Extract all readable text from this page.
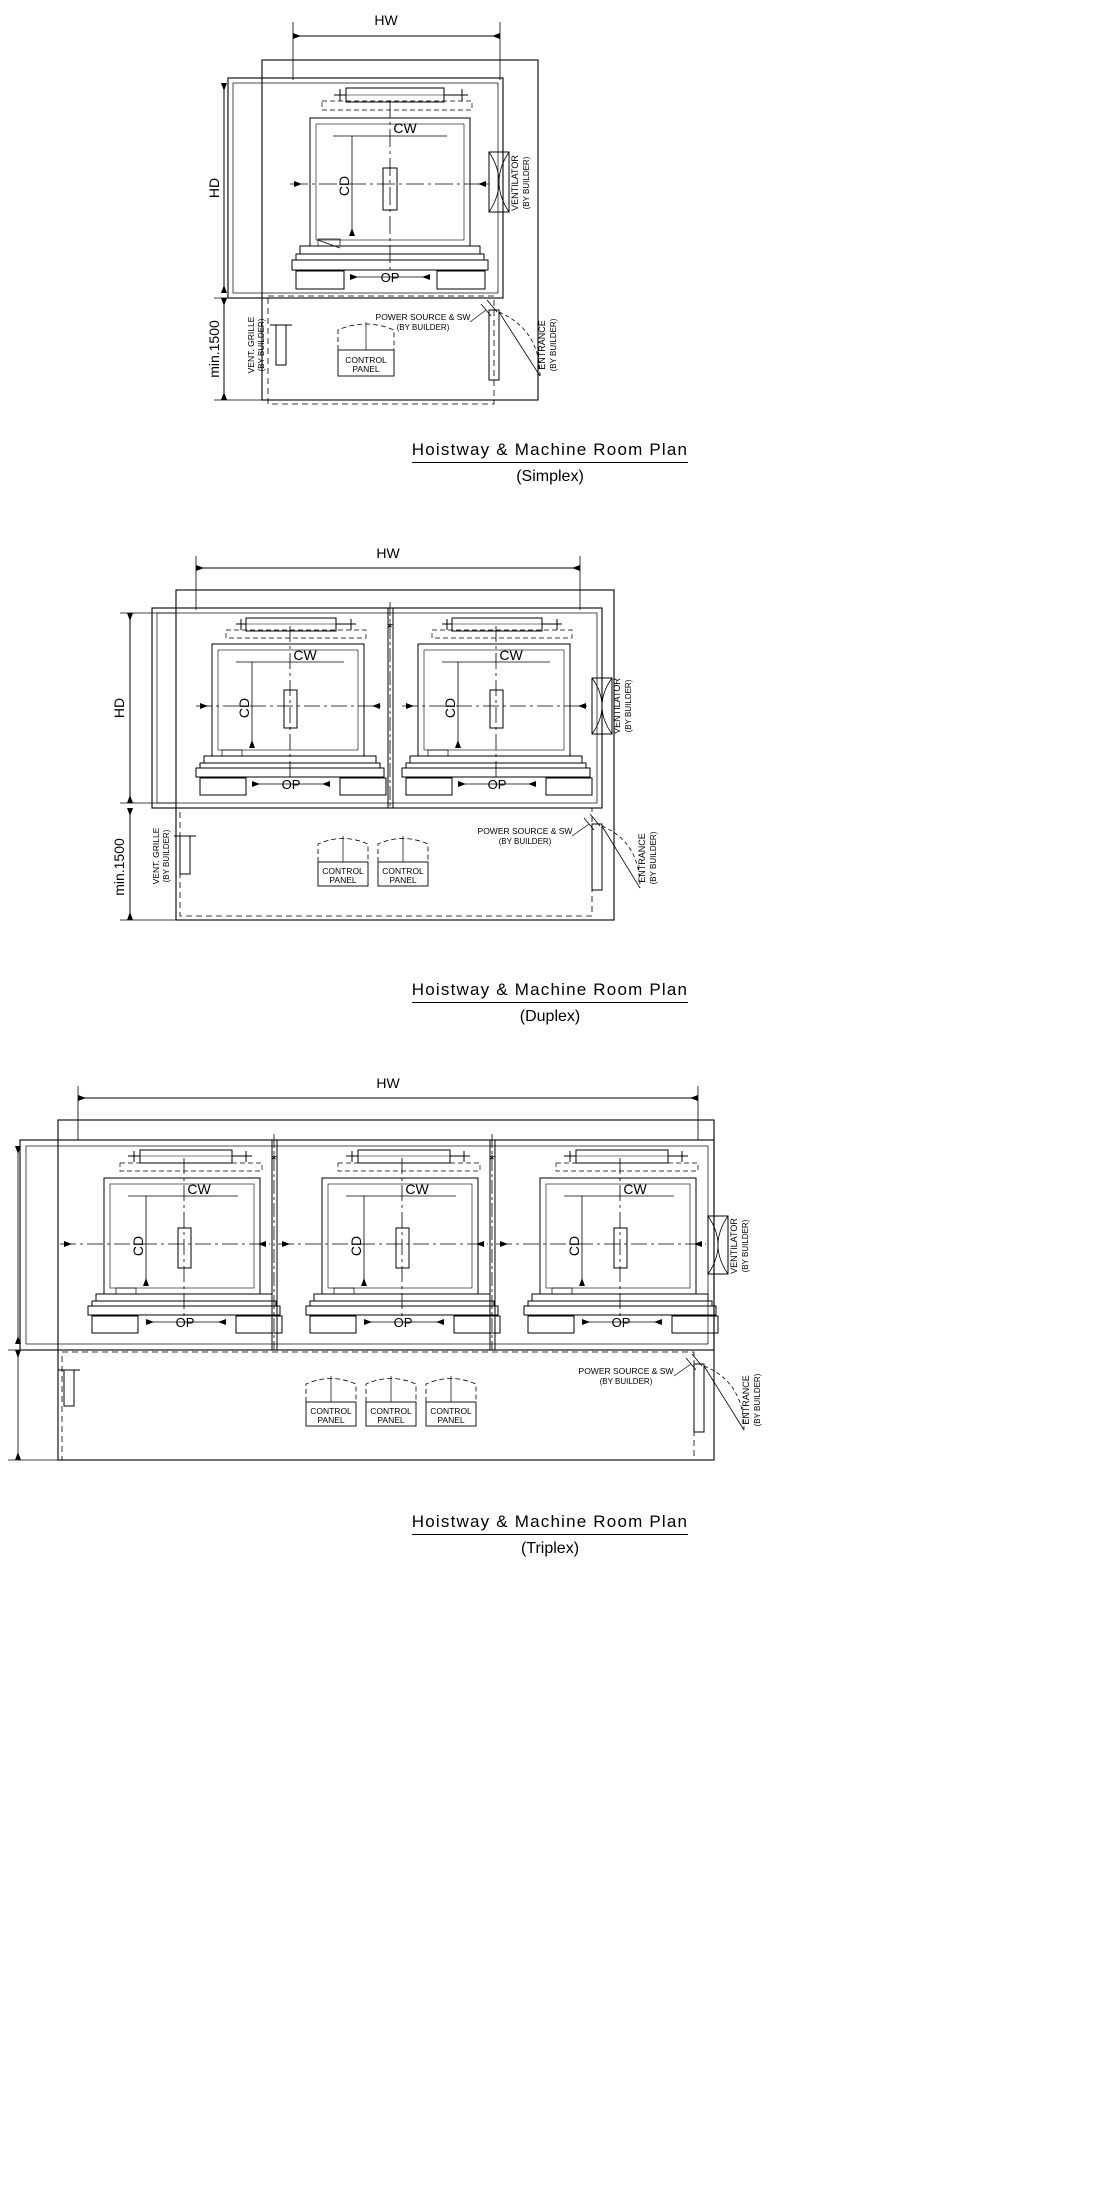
HW
HD
min.1500
CW
CD
OP
VENTILATOR (BY BUILDER)
VENT. GRILLE (BY BUILDER)
POWER SOURCE & SW
(BY BUILDER)
CONTROL
PANEL	ENTRANCE (BY BUILDER)
Hoistway & Machine Room Plan
(Simplex)
HW
HD
min.1500
CW	CW
CD	CD
OP	OP
*
VENTILATOR (BY BUILDER)
VENT. GRILLE (BY BUILDER)	POWER SOURCE & SW
(BY BUILDER)
CONTROL
PANEL
CONTROL
PANEL	ENTRANCE (BY BUILDER)
Hoistway & Machine Room Plan
(Duplex)
HW
CW	CW	CW
CD	CD	CD
OP	OP	OP
*	*
VENTILATOR (BY BUILDER)
POWER SOURCE & SW
(BY BUILDER)
CONTROL
PANEL
CONTROL
PANEL
CONTROL
PANEL	ENTRANCE (BY BUILDER)
Hoistway & Machine Room Plan
(Triplex)
